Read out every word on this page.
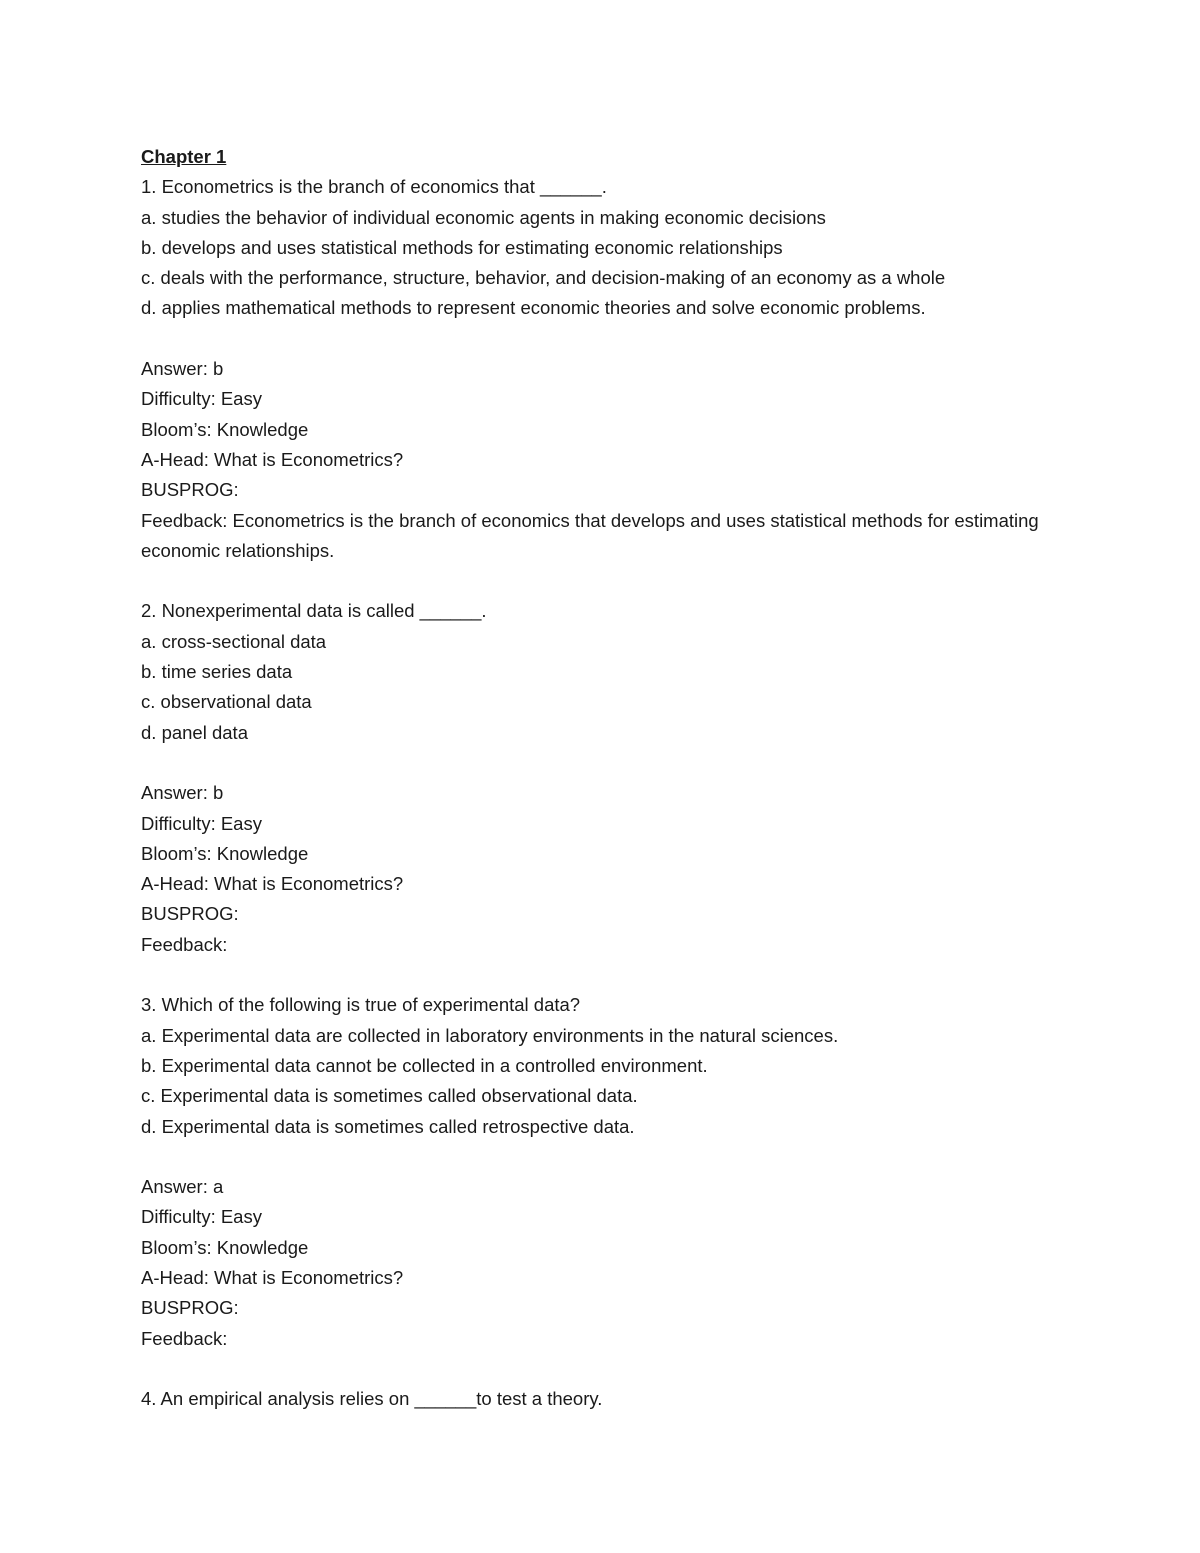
Chapter 1
1. Econometrics is the branch of economics that ______.
a. studies the behavior of individual economic agents in making economic decisions
b. develops and uses statistical methods for estimating economic relationships
c. deals with the performance, structure, behavior, and decision-making of an economy as a whole
d. applies mathematical methods to represent economic theories and solve economic problems.
Answer: b
Difficulty: Easy
Bloom’s: Knowledge
A-Head: What is Econometrics?
BUSPROG:
Feedback: Econometrics is the branch of economics that develops and uses statistical methods for estimating economic relationships.
2. Nonexperimental data is called ______.
a. cross-sectional data
b. time series data
c. observational data
d. panel data
Answer: b
Difficulty: Easy
Bloom’s: Knowledge
A-Head: What is Econometrics?
BUSPROG:
Feedback:
3. Which of the following is true of experimental data?
a. Experimental data are collected in laboratory environments in the natural sciences.
b. Experimental data cannot be collected in a controlled environment.
c. Experimental data is sometimes called observational data.
d. Experimental data is sometimes called retrospective data.
Answer: a
Difficulty: Easy
Bloom’s: Knowledge
A-Head: What is Econometrics?
BUSPROG:
Feedback:
4. An empirical analysis relies on ______to test a theory.
